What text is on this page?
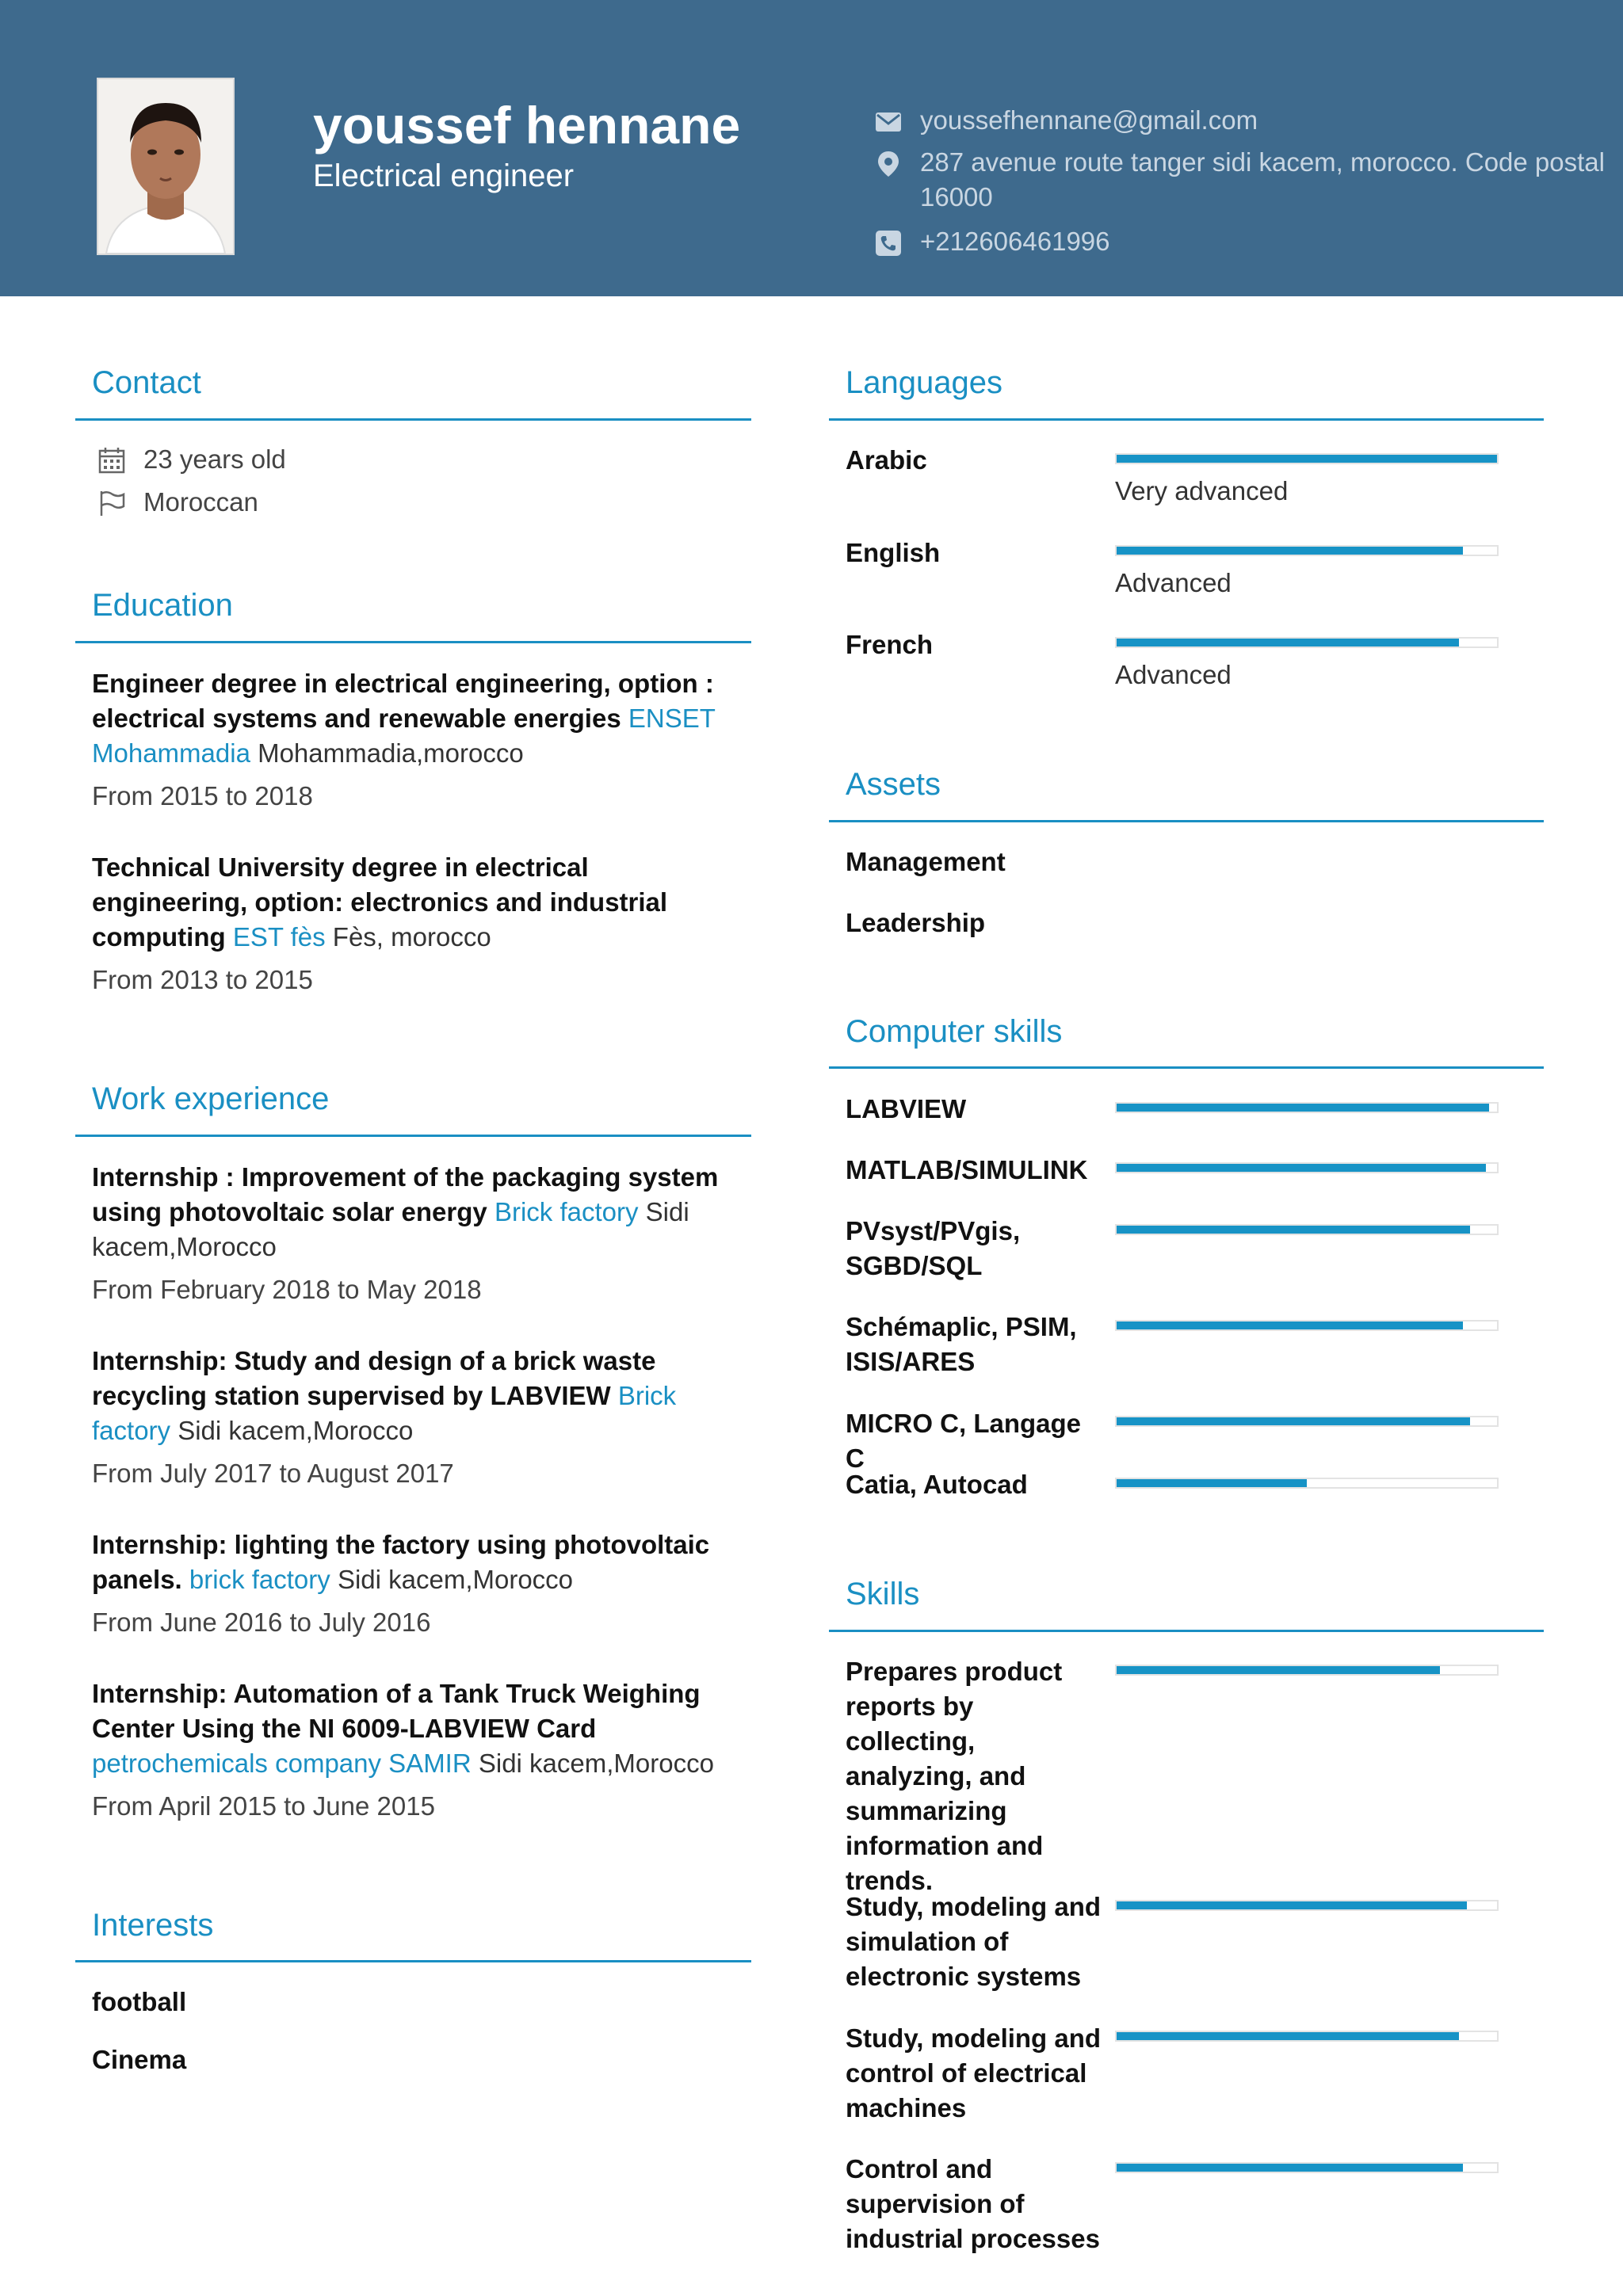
youssef hennane
Electrical engineer
youssefhennane@gmail.com
287 avenue route tanger sidi kacem, morocco. Code postal 16000
+212606461996
Contact
23 years old
Moroccan
Education
Engineer degree in electrical engineering, option : electrical systems and renewable energies ENSET Mohammadia Mohammadia,morocco
From 2015 to 2018
Technical University degree in electrical engineering, option: electronics and industrial computing EST fès Fès, morocco
From 2013 to 2015
Work experience
Internship : Improvement of the packaging system using photovoltaic solar energy Brick factory Sidi kacem,Morocco
From February 2018 to May 2018
Internship: Study and design of a brick waste recycling station supervised by LABVIEW Brick factory Sidi kacem,Morocco
From July 2017 to August 2017
Internship: lighting the factory using photovoltaic panels. brick factory Sidi kacem,Morocco
From June 2016 to July 2016
Internship: Automation of a Tank Truck Weighing Center Using the NI 6009-LABVIEW Card petrochemicals company SAMIR Sidi kacem,Morocco
From April 2015 to June 2015
Interests
football
Cinema
Languages
Arabic
Very advanced
English
Advanced
French
Advanced
Assets
Management
Leadership
Computer skills
LABVIEW
MATLAB/SIMULINK
PVsyst/PVgis, SGBD/SQL
Schémaplic, PSIM, ISIS/ARES
MICRO C, Langage C
Catia, Autocad
Skills
Prepares product reports by collecting, analyzing, and summarizing information and trends.
Study, modeling and simulation of electronic systems
Study, modeling and control of electrical machines
Control and supervision of industrial processes
